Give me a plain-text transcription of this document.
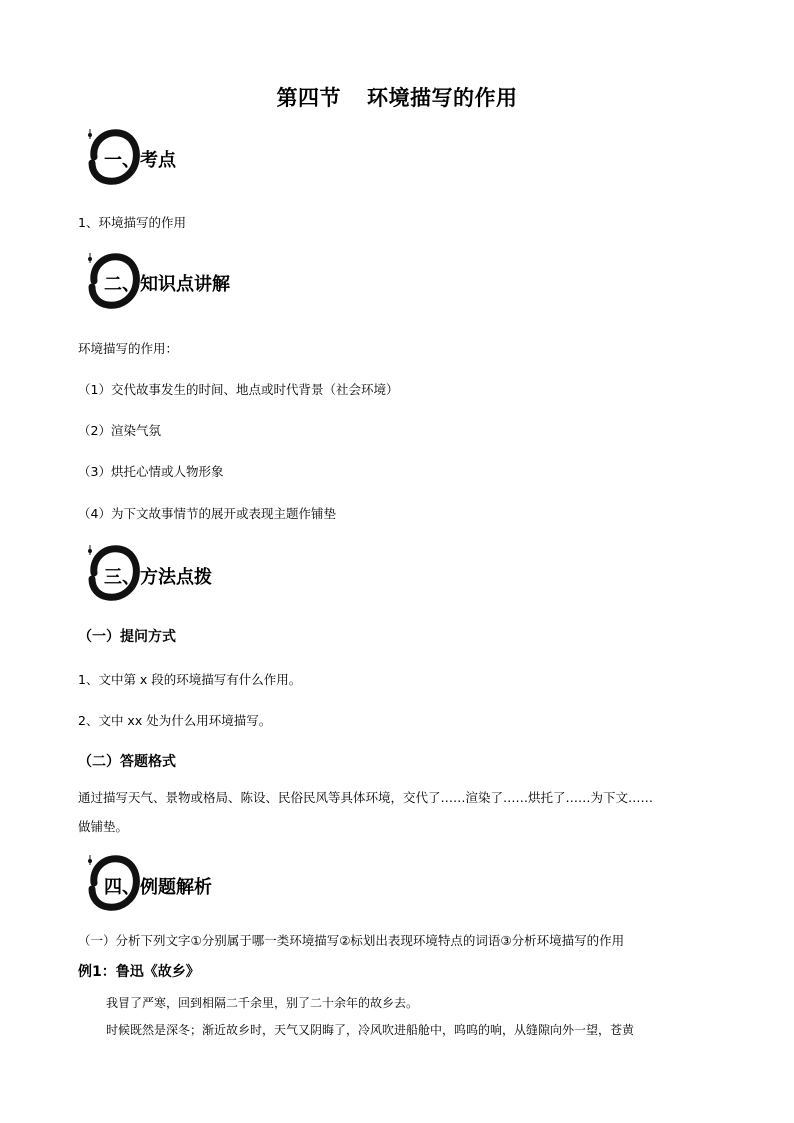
第四节 环境描写的作用
一、 考点
1、环境描写的作用
二、 知识点讲解
环境描写的作用：
（1）交代故事发生的时间、地点或时代背景（社会环境）
（2）渲染气氛
（3）烘托心情或人物形象
（4）为下文故事情节的展开或表现主题作铺垫
三、 方法点拨
（一）提问方式
1、文中第 x 段的环境描写有什么作用。
2、文中 xx 处为什么用环境描写。
（二）答题格式
通过描写天气、景物或格局、陈设、民俗民风等具体环境，交代了……渲染了……烘托了……为下文……
做铺垫。
四、 例题解析
（一）分析下列文字①分别属于哪一类环境描写②标划出表现环境特点的词语③分析环境描写的作用
例1：鲁迅《故乡》
我冒了严寒，回到相隔二千余里，别了二十余年的故乡去。
时候既然是深冬；渐近故乡时，天气又阴晦了，冷风吹进船舱中，呜呜的响，从缝隙向外一望，苍黄
